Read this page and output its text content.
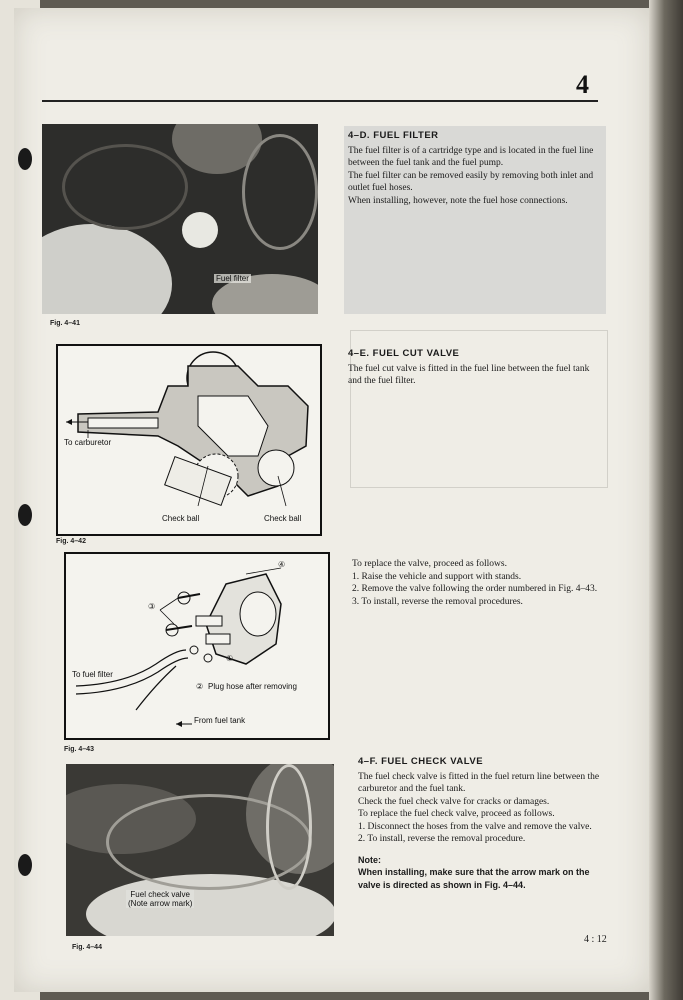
4
Fuel filter
Fig. 4–41
4–D. FUEL FILTER
The fuel filter is of a cartridge type and is located in the fuel line between the fuel tank and the fuel pump.
The fuel filter can be removed easily by removing both inlet and outlet fuel hoses.
When installing, however, note the fuel hose connections.
To carburetor
Check ball	Check ball
Fig. 4–42
4–E. FUEL CUT VALVE
The fuel cut valve is fitted in the fuel line between the fuel tank and the fuel filter.
④
③
①
To fuel filter
② Plug hose after removing
From fuel tank
Fig. 4–43
To replace the valve, proceed as follows.
1. Raise the vehicle and support with stands.
2. Remove the valve following the order numbered in Fig. 4–43.
3. To install, reverse the removal procedures.
Fuel check valve
(Note arrow mark)
Fig. 4–44
4–F. FUEL CHECK VALVE
The fuel check valve is fitted in the fuel return line between the carburetor and the fuel tank.
Check the fuel check valve for cracks or damages.
To replace the fuel check valve, proceed as follows.
1. Disconnect the hoses from the valve and remove the valve.
2. To install, reverse the removal procedure.
Note:
When installing, make sure that the arrow mark on the valve is directed as shown in Fig. 4–44.
4 : 12
